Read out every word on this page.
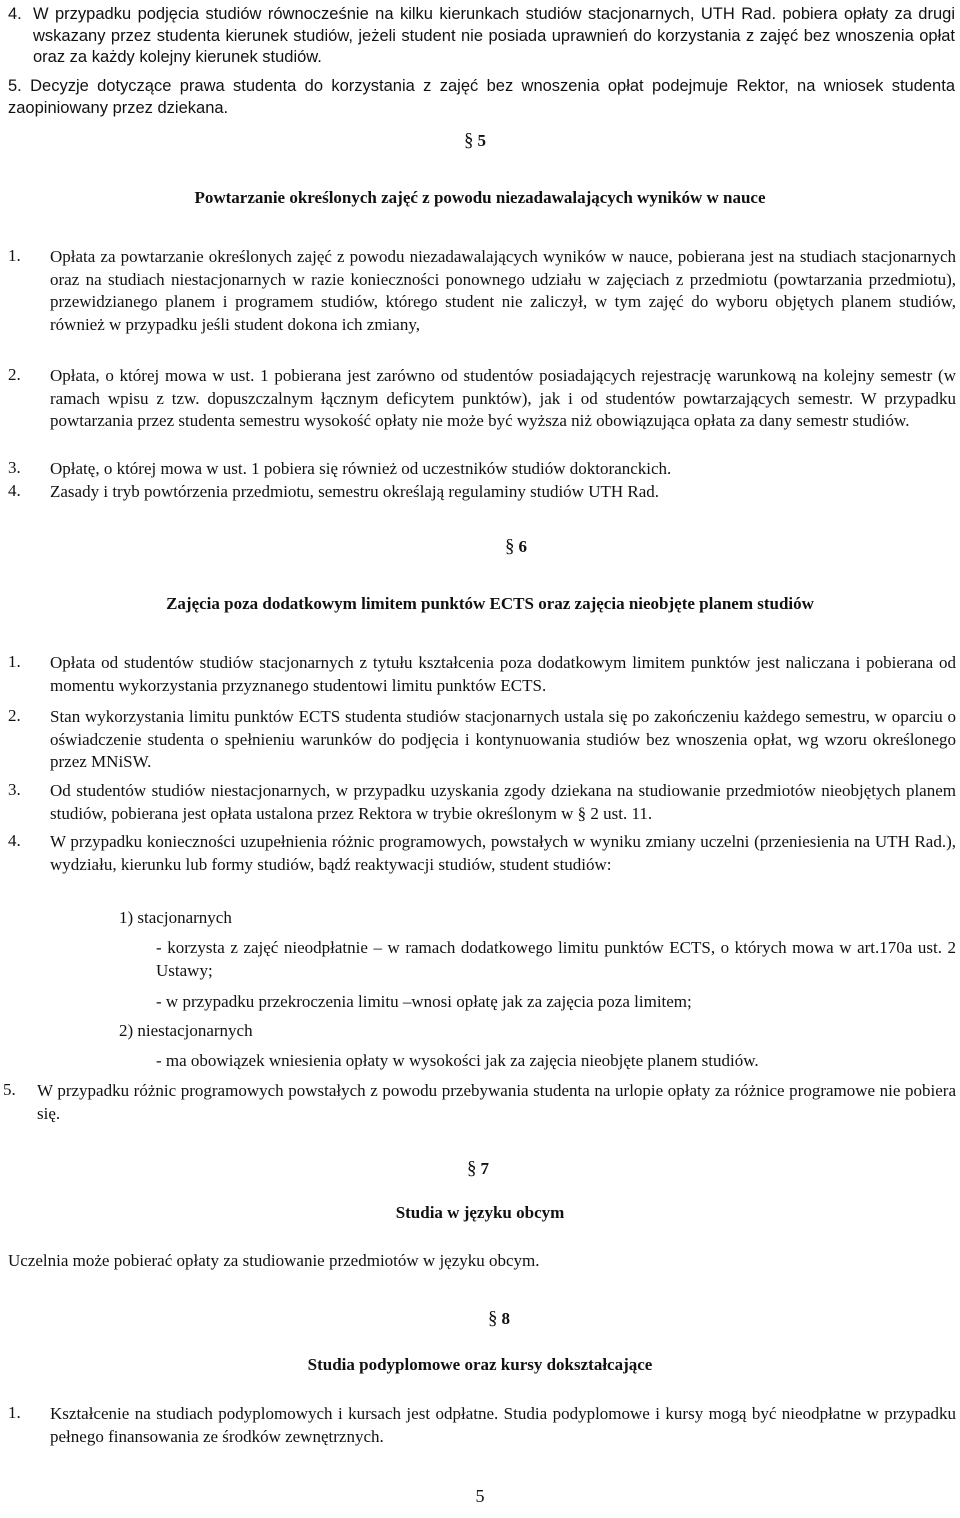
4. W przypadku podjęcia studiów równocześnie na kilku kierunkach studiów stacjonarnych, UTH Rad. pobiera opłaty za drugi wskazany przez studenta kierunek studiów, jeżeli student nie posiada uprawnień do korzystania z zajęć bez wnoszenia opłat oraz za każdy kolejny kierunek studiów.

5. Decyzje dotyczące prawa studenta do korzystania z zajęć bez wnoszenia opłat podejmuje Rektor, na wniosek studenta zaopiniowany przez dziekana.

§ 5
Powtarzanie określonych zajęć z powodu niezadawalających wyników w nauce
1. Opłata za powtarzanie określonych zajęć z powodu niezadawalających wyników w nauce, pobierana jest na studiach stacjonarnych oraz na studiach niestacjonarnych w razie konieczności ponownego udziału w zajęciach z przedmiotu (powtarzania przedmiotu), przewidzianego planem i programem studiów, którego student nie zaliczył, w tym zajęć do wyboru objętych planem studiów, również w przypadku jeśli student dokona ich zmiany,

2. Opłata, o której mowa w ust. 1 pobierana jest zarówno od studentów posiadających rejestrację warunkową na kolejny semestr (w ramach wpisu z tzw. dopuszczalnym łącznym deficytem punktów), jak i od studentów powtarzających semestr. W przypadku powtarzania przez studenta semestru wysokość opłaty nie może być wyższa niż obowiązująca opłata za dany semestr studiów.

3. Opłatę, o której mowa w ust. 1 pobiera się również od uczestników studiów doktoranckich.

4. Zasady i tryb powtórzenia przedmiotu, semestru określają regulaminy studiów UTH Rad.

§ 6
Zajęcia poza dodatkowym limitem punktów ECTS oraz zajęcia nieobjęte planem studiów
1. Opłata od studentów studiów stacjonarnych z tytułu kształcenia poza dodatkowym limitem punktów jest naliczana i pobierana od momentu wykorzystania przyznanego studentowi limitu punktów ECTS.

2. Stan wykorzystania limitu punktów ECTS studenta studiów stacjonarnych ustala się po zakończeniu każdego semestru, w oparciu o oświadczenie studenta o spełnieniu warunków do podjęcia i kontynuowania studiów bez wnoszenia opłat, wg wzoru określonego przez MNiSW.

3. Od studentów studiów niestacjonarnych, w przypadku uzyskania zgody dziekana na studiowanie przedmiotów nieobjętych planem studiów, pobierana jest opłata ustalona przez Rektora w trybie określonym w § 2 ust. 11.

4. W przypadku konieczności uzupełnienia różnic programowych, powstałych w wyniku zmiany uczelni (przeniesienia na UTH Rad.), wydziału, kierunku lub formy studiów, bądź reaktywacji studiów, student studiów:

1) stacjonarnych

- korzysta z zajęć nieodpłatnie – w ramach dodatkowego limitu punktów ECTS, o których mowa w art.170a ust. 2 Ustawy;

- w przypadku przekroczenia limitu –wnosi opłatę jak za zajęcia poza limitem;

2) niestacjonarnych

- ma obowiązek wniesienia opłaty w wysokości jak za zajęcia nieobjęte planem studiów.

5. W przypadku różnic programowych powstałych z powodu przebywania studenta na urlopie opłaty za różnice programowe nie pobiera się.

§ 7
Studia w języku obcym

Uczelnia może pobierać opłaty za studiowanie przedmiotów w języku obcym.

§ 8
Studia podyplomowe oraz kursy dokształcające
1. Kształcenie na studiach podyplomowych i kursach jest odpłatne. Studia podyplomowe i kursy mogą być nieodpłatne w przypadku pełnego finansowania ze środków zewnętrznych.

5
